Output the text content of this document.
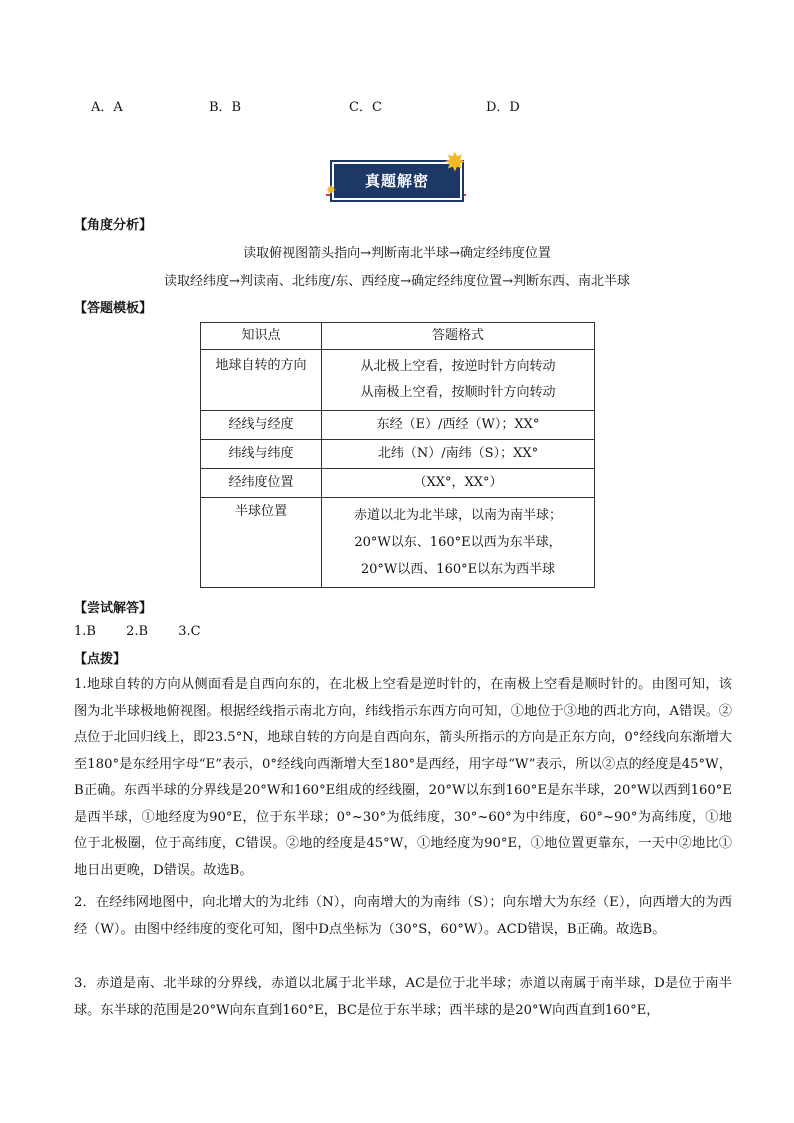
A．A	B．B	C．C	D．D
真题解密
✸
✸
【角度分析】
读取俯视图箭头指向→判断南北半球→确定经纬度位置
读取经纬度→判读南、北纬度/东、西经度→确定经纬度位置→判断东西、南北半球
【答题模板】
知识点	答题格式
地球自转的方向	从北极上空看，按逆时针方向转动
从南极上空看，按顺时针方向转动

经线与经度	东经（E）/西经（W）；XX°
纬线与纬度	北纬（N）/南纬（S）；XX°
经纬度位置	（XX°，XX°）
半球位置	赤道以北为北半球，以南为南半球；
20°W以东、160°E以西为东半球，
20°W以西、160°E以东为西半球
【尝试解答】
1.B 2.B 3.C
【点拨】
1.地球自转的方向从侧面看是自西向东的，在北极上空看是逆时针的，在南极上空看是顺时针的。由图可知，该图为北半球极地俯视图。根据经线指示南北方向，纬线指示东西方向可知，①地位于③地的西北方向，A错误。②点位于北回归线上，即23.5°N，地球自转的方向是自西向东，箭头所指示的方向是正东方向，0°经线向东渐增大至180°是东经用字母“E”表示，0°经线向西渐增大至180°是西经，用字母“W”表示，所以②点的经度是45°W，B正确。东西半球的分界线是20°W和160°E组成的经线圈，20°W以东到160°E是东半球，20°W以西到160°E是西半球，①地经度为90°E，位于东半球；0°~30°为低纬度，30°~60°为中纬度，60°~90°为高纬度，①地位于北极圈，位于高纬度，C错误。②地的经度是45°W，①地经度为90°E，①地位置更靠东，一天中②地比①地日出更晚，D错误。故选B。
2．在经纬网地图中，向北增大的为北纬（N），向南增大的为南纬（S）；向东增大为东经（E），向西增大的为西经（W）。由图中经纬度的变化可知，图中D点坐标为（30°S，60°W）。ACD错误，B正确。故选B。
3．赤道是南、北半球的分界线，赤道以北属于北半球，AC是位于北半球；赤道以南属于南半球，D是位于南半球。东半球的范围是20°W向东直到160°E，BC是位于东半球；西半球的是20°W向西直到160°E，
